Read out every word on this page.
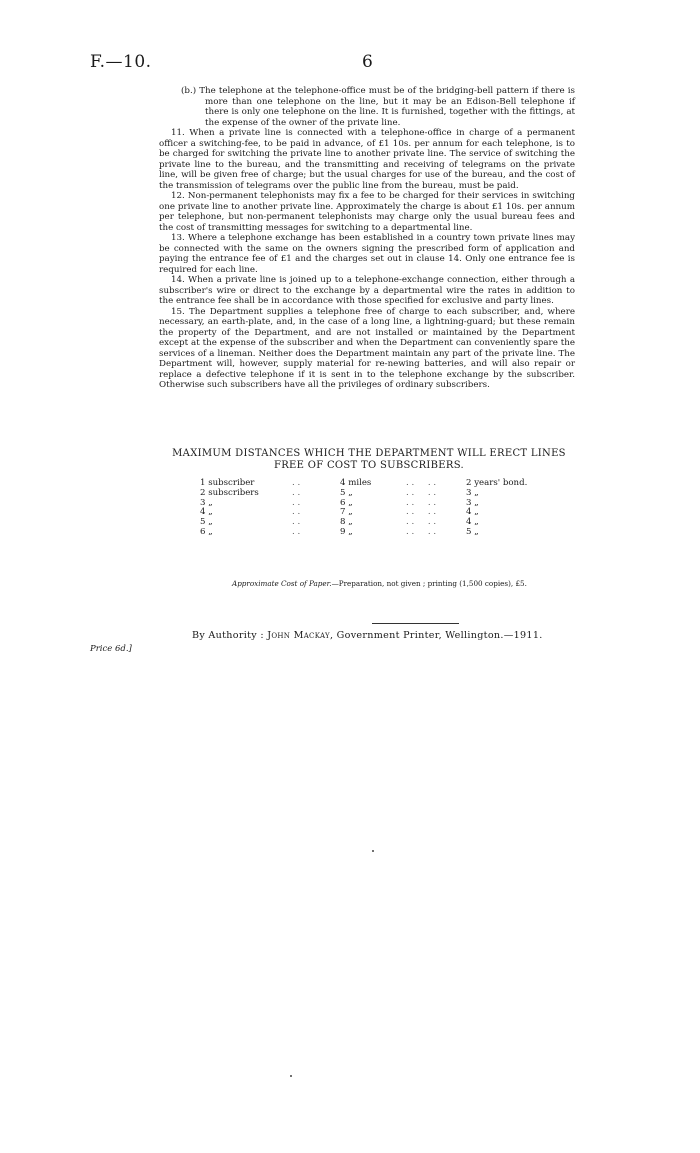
F.—10.	6

(b.) The telephone at the telephone-office must be of the bridging-bell pattern if there is more than one telephone on the line, but it may be an Edison-Bell telephone if there is only one telephone on the line. It is furnished, together with the fittings, at the expense of the owner of the private line.

11. When a private line is connected with a telephone-office in charge of a permanent officer a switching-fee, to be paid in advance, of £1 10s. per annum for each telephone, is to be charged for switching the private line to another private line. The service of switching the private line to the bureau, and the transmitting and receiving of telegrams on the private line, will be given free of charge; but the usual charges for use of the bureau, and the cost of the transmission of telegrams over the public line from the bureau, must be paid.

12. Non-permanent telephonists may fix a fee to be charged for their services in switching one private line to another private line. Approximately the charge is about £1 10s. per annum per telephone, but non-permanent telephonists may charge only the usual bureau fees and the cost of transmitting messages for switching to a departmental line.

13. Where a telephone exchange has been established in a country town private lines may be connected with the same on the owners signing the prescribed form of application and paying the entrance fee of £1 and the charges set out in clause 14. Only one entrance fee is required for each line.

14. When a private line is joined up to a telephone-exchange connection, either through a subscriber's wire or direct to the exchange by a departmental wire the rates in addition to the entrance fee shall be in accordance with those specified for exclusive and party lines.

15. The Department supplies a telephone free of charge to each subscriber, and, where necessary, an earth-plate, and, in the case of a long line, a lightning-guard; but these remain the property of the Department, and are not installed or maintained by the Department except at the expense of the subscriber and when the Department can conveniently spare the services of a lineman. Neither does the Department maintain any part of the private line. The Department will, however, supply material for re-newing batteries, and will also repair or replace a defective telephone if it is sent in to the telephone exchange by the subscriber. Otherwise such subscribers have all the privileges of ordinary subscribers.

MAXIMUM DISTANCES WHICH THE DEPARTMENT WILL ERECT LINES
FREE OF COST TO SUBSCRIBERS.
1 subscriber	. .	4 miles	. .     . .	2 years' bond.
2 subscribers	. .	5 „	. .     . .	3 „
3 „	. .	6 „	. .     . .	3 „
4 „	. .	7 „	. .     . .	4 „
5 „	. .	8 „	. .     . .	4 „
6 „	. .	9 „	. .     . .	5 „
Approximate Cost of Paper.—Preparation, not given ; printing (1,500 copies), £5.
By Authority : John Mackay, Government Printer, Wellington.—1911.
Price 6d.]
